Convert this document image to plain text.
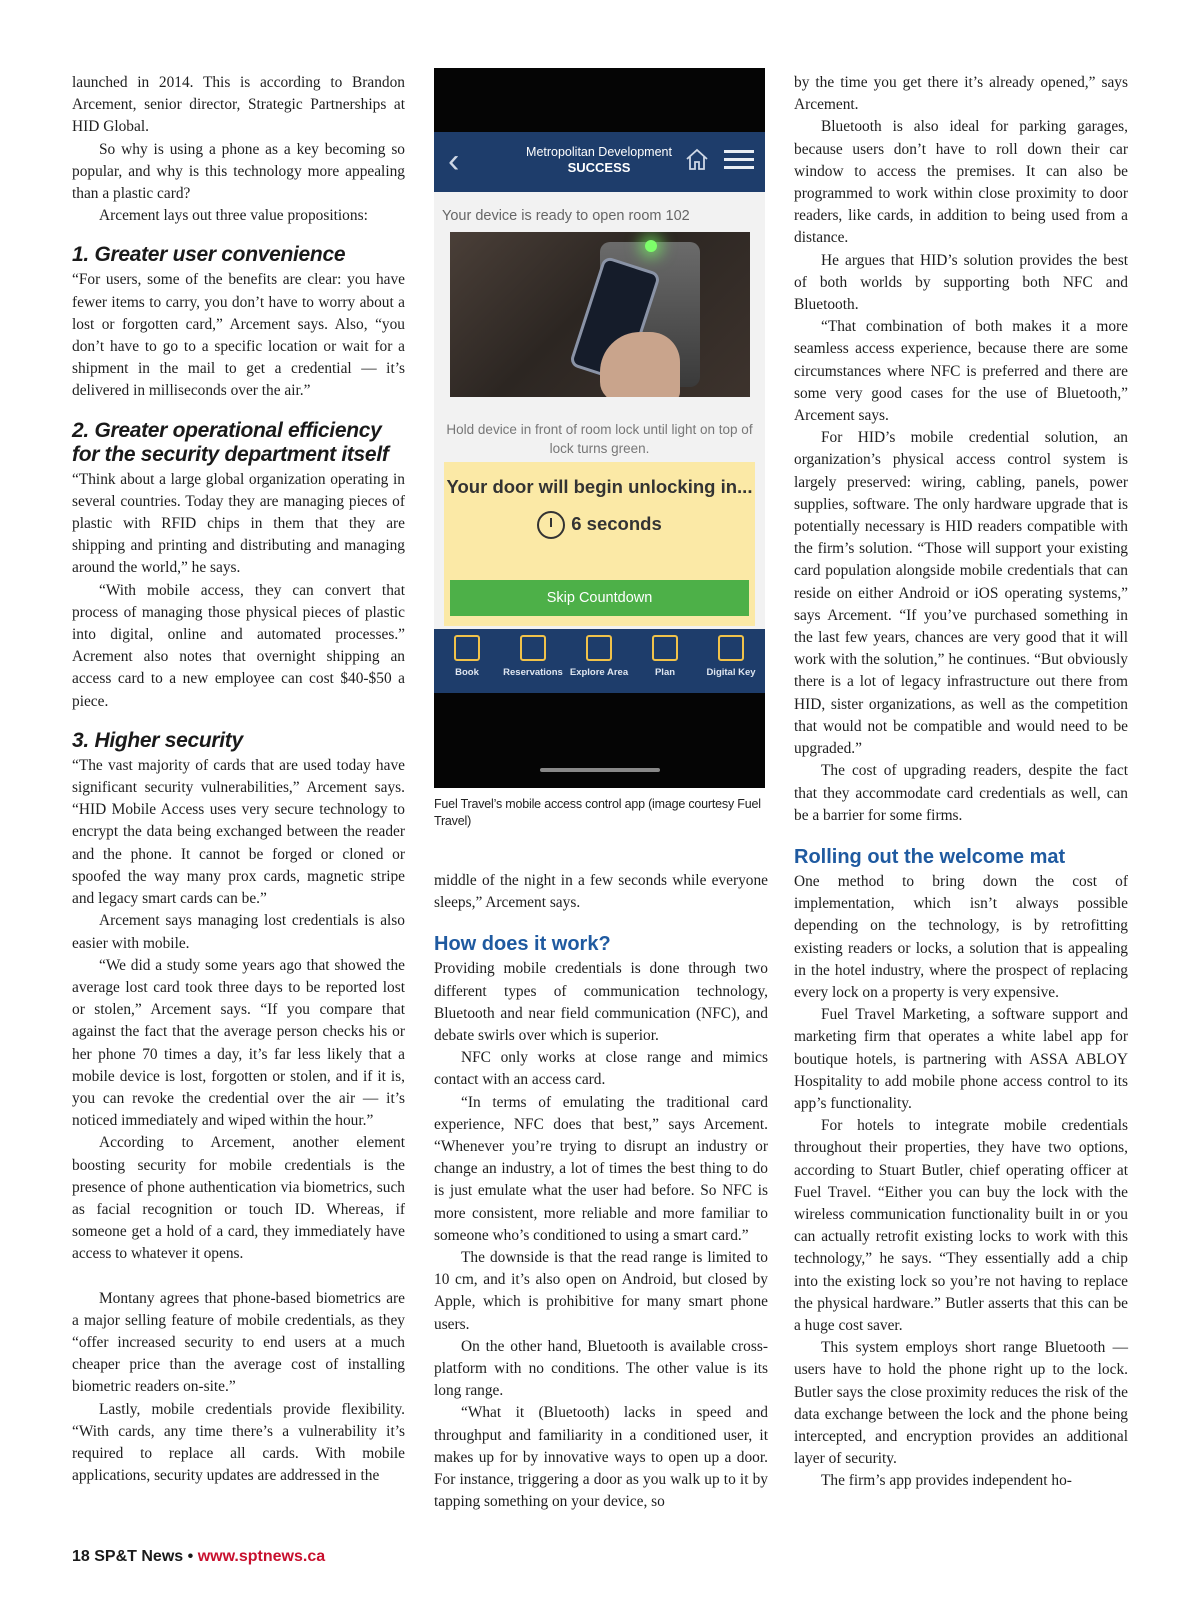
launched in 2014. This is according to Brandon Arcement, senior director, Strategic Partnerships at HID Global.

So why is using a phone as a key becoming so popular, and why is this technology more appealing than a plastic card?

Arcement lays out three value propositions:

1. Greater user convenience

“For users, some of the benefits are clear: you have fewer items to carry, you don’t have to worry about a lost or forgotten card,” Arcement says. Also, “you don’t have to go to a specific location or wait for a shipment in the mail to get a credential — it’s delivered in milliseconds over the air.”

2. Greater operational efficiency for the security department itself

“Think about a large global organization operating in several countries. Today they are managing pieces of plastic with RFID chips in them that they are shipping and printing and distributing and managing around the world,” he says.

“With mobile access, they can convert that process of managing those physical pieces of plastic into digital, online and automated processes.” Acrement also notes that overnight shipping an access card to a new employee can cost $40-$50 a piece.

3. Higher security

“The vast majority of cards that are used today have significant security vulnerabilities,” Arcement says. “HID Mobile Access uses very secure technology to encrypt the data being exchanged between the reader and the phone. It cannot be forged or cloned or spoofed the way many prox cards, magnetic stripe and legacy smart cards can be.”

Arcement says managing lost credentials is also easier with mobile.

“We did a study some years ago that showed the average lost card took three days to be reported lost or stolen,” Arcement says. “If you compare that against the fact that the average person checks his or her phone 70 times a day, it’s far less likely that a mobile device is lost, forgotten or stolen, and if it is, you can revoke the credential over the air — it’s noticed immediately and wiped within the hour.”

According to Arcement, another element boosting security for mobile credentials is the presence of phone authentication via biometrics, such as facial recognition or touch ID. Whereas, if someone get a hold of a card, they immediately have access to whatever it opens.

Montany agrees that phone-based biometrics are a major selling feature of mobile credentials, as they “offer increased security to end users at a much cheaper price than the average cost of installing biometric readers on-site.”

Lastly, mobile credentials provide flexibility. “With cards, any time there’s a vulnerability it’s required to replace all cards. With mobile applications, security updates are addressed in the

‹	Metropolitan Development
SUCCESS
Your device is ready to open room 102
Hold device in front of room lock until light on top of lock turns green.
Your door will begin unlocking in...
6 seconds
Skip Countdown
Book	Reservations Explore Area	Plan	Digital Key
Fuel Travel’s mobile access control app (image courtesy Fuel Travel)

middle of the night in a few seconds while everyone sleeps,” Arcement says.

How does it work?

Providing mobile credentials is done through two different types of communication technology, Bluetooth and near field communication (NFC), and debate swirls over which is superior.

NFC only works at close range and mimics contact with an access card.

“In terms of emulating the traditional card experience, NFC does that best,” says Arcement. “Whenever you’re trying to disrupt an industry or change an industry, a lot of times the best thing to do is just emulate what the user had before. So NFC is more consistent, more reliable and more familiar to someone who’s conditioned to using a smart card.”

The downside is that the read range is limited to 10 cm, and it’s also open on Android, but closed by Apple, which is prohibitive for many smart phone users.

On the other hand, Bluetooth is available cross-platform with no conditions. The other value is its long range.

“What it (Bluetooth) lacks in speed and throughput and familiarity in a conditioned user, it makes up for by innovative ways to open up a door. For instance, triggering a door as you walk up to it by tapping something on your device, so

by the time you get there it’s already opened,” says Arcement.

Bluetooth is also ideal for parking garages, because users don’t have to roll down their car window to access the premises. It can also be programmed to work within close proximity to door readers, like cards, in addition to being used from a distance.

He argues that HID’s solution provides the best of both worlds by supporting both NFC and Bluetooth.

“That combination of both makes it a more seamless access experience, because there are some circumstances where NFC is preferred and there are some very good cases for the use of Bluetooth,” Arcement says.

For HID’s mobile credential solution, an organization’s physical access control system is largely preserved: wiring, cabling, panels, power supplies, software. The only hardware upgrade that is potentially necessary is HID readers compatible with the firm’s solution. “Those will support your existing card population alongside mobile credentials that can reside on either Android or iOS operating systems,” says Arcement. “If you’ve purchased something in the last few years, chances are very good that it will work with the solution,” he continues. “But obviously there is a lot of legacy infrastructure out there from HID, sister organizations, as well as the competition that would not be compatible and would need to be upgraded.”

The cost of upgrading readers, despite the fact that they accommodate card credentials as well, can be a barrier for some firms.

Rolling out the welcome mat

One method to bring down the cost of implementation, which isn’t always possible depending on the technology, is by retrofitting existing readers or locks, a solution that is appealing in the hotel industry, where the prospect of replacing every lock on a property is very expensive.

Fuel Travel Marketing, a software support and marketing firm that operates a white label app for boutique hotels, is partnering with ASSA ABLOY Hospitality to add mobile phone access control to its app’s functionality.

For hotels to integrate mobile credentials throughout their properties, they have two options, according to Stuart Butler, chief operating officer at Fuel Travel. “Either you can buy the lock with the wireless communication functionality built in or you can actually retrofit existing locks to work with this technology,” he says. “They essentially add a chip into the existing lock so you’re not having to replace the physical hardware.” Butler asserts that this can be a huge cost saver.

This system employs short range Bluetooth — users have to hold the phone right up to the lock. Butler says the close proximity reduces the risk of the data exchange between the lock and the phone being intercepted, and encryption provides an additional layer of security.

The firm’s app provides independent ho-

18 SP&T News • www.sptnews.ca
